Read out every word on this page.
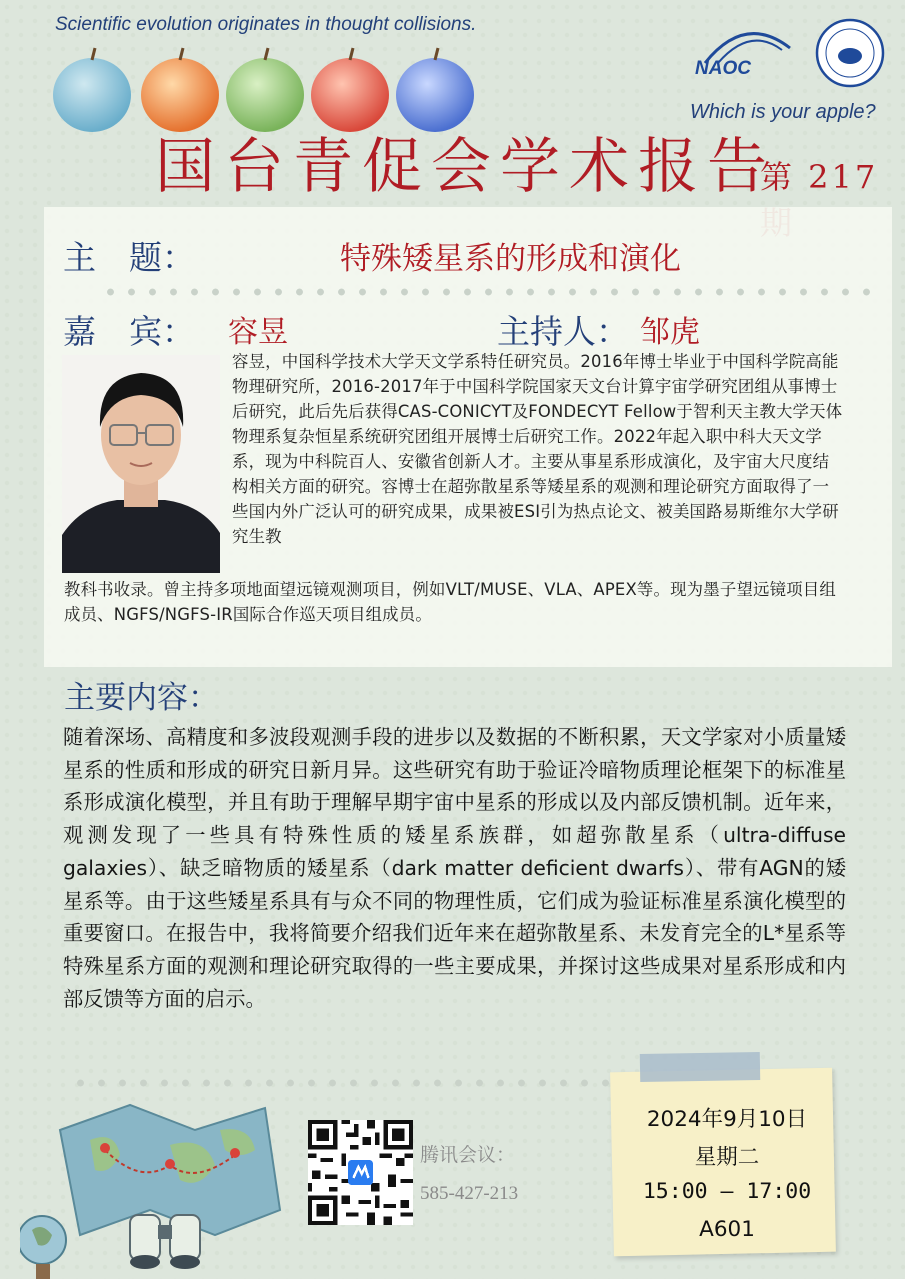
Scientific evolution originates in thought collisions.
NAOC
Which is your apple?
国台青促会学术报告
第 217
主　题：	特殊矮星系的形成和演化
嘉　宾： 容昱	主持人： 邹虎
容昱，中国科学技术大学天文学系特任研究员。2016年博士毕业于中国科学院高能物理研究所，2016-2017年于中国科学院国家天文台计算宇宙学研究团组从事博士后研究，此后先后获得CAS-CONICYT及FONDECYT Fellow于智利天主教大学天体物理系复杂恒星系统研究团组开展博士后研究工作。2022年起入职中科大天文学系，现为中科院百人、安徽省创新人才。主要从事星系形成演化，及宇宙大尺度结构相关方面的研究。容博士在超弥散星系等矮星系的观测和理论研究方面取得了一些国内外广泛认可的研究成果，成果被ESI引为热点论文、被美国路易斯维尔大学研究生教
教科书收录。曾主持多项地面望远镜观测项目，例如VLT/MUSE、VLA、APEX等。现为墨子望远镜项目组成员、NGFS/NGFS-IR国际合作巡天项目组成员。
主要内容：
随着深场、高精度和多波段观测手段的进步以及数据的不断积累，天文学家对小质量矮星系的性质和形成的研究日新月异。这些研究有助于验证冷暗物质理论框架下的标准星系形成演化模型，并且有助于理解早期宇宙中星系的形成以及内部反馈机制。近年来，观测发现了一些具有特殊性质的矮星系族群，如超弥散星系（ultra-diffuse galaxies）、缺乏暗物质的矮星系（dark matter deficient dwarfs）、带有AGN的矮星系等。由于这些矮星系具有与众不同的物理性质，它们成为验证标准星系演化模型的重要窗口。在报告中，我将简要介绍我们近年来在超弥散星系、未发育完全的L*星系等特殊星系方面的观测和理论研究取得的一些主要成果，并探讨这些成果对星系形成和内部反馈等方面的启示。
腾讯会议：
585-427-213
2024年9月10日
星期二
15:00 – 17:00
A601
